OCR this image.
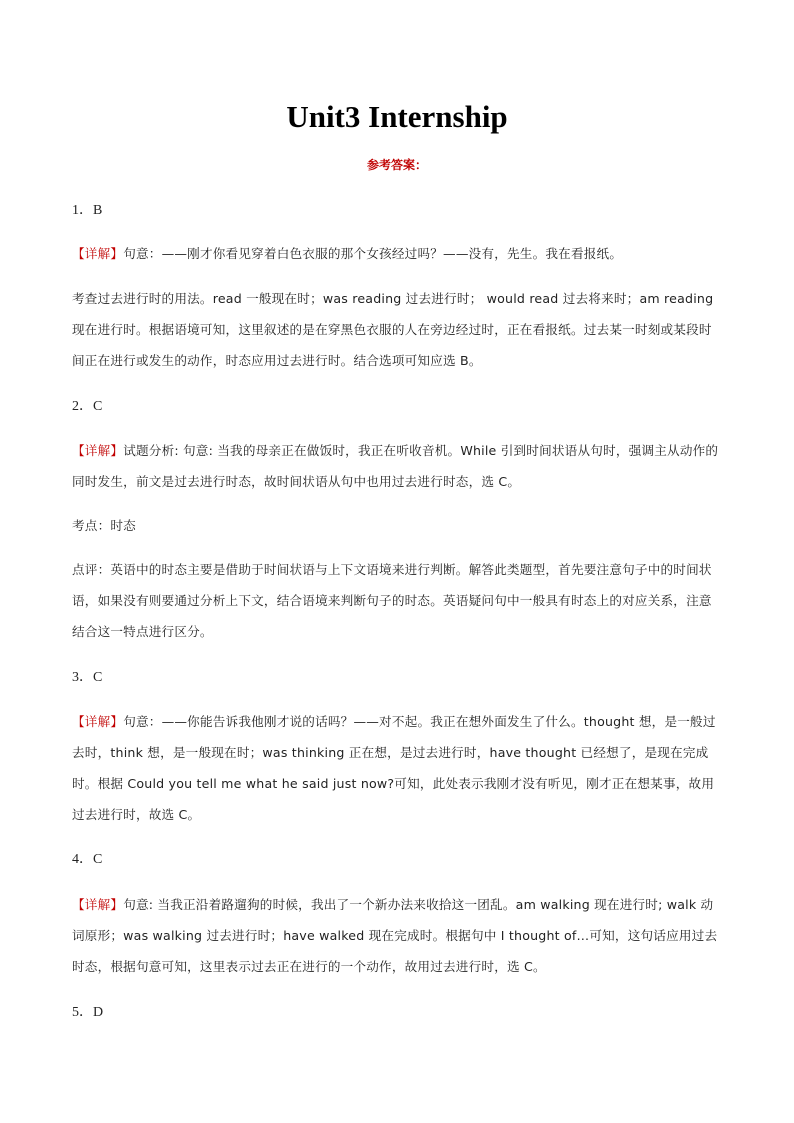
Unit3 Internship
参考答案：
1．B
【详解】句意：——刚才你看见穿着白色衣服的那个女孩经过吗？——没有，先生。我在看报纸。
考查过去进行时的用法。read 一般现在时；was reading 过去进行时； would read 过去将来时；am reading 现在进行时。根据语境可知，这里叙述的是在穿黑色衣服的人在旁边经过时，正在看报纸。过去某一时刻或某段时间正在进行或发生的动作，时态应用过去进行时。结合选项可知应选 B。
2．C
【详解】试题分析: 句意: 当我的母亲正在做饭时，我正在听收音机。While 引到时间状语从句时，强调主从动作的同时发生，前文是过去进行时态，故时间状语从句中也用过去进行时态，选 C。
考点：时态
点评：英语中的时态主要是借助于时间状语与上下文语境来进行判断。解答此类题型，首先要注意句子中的时间状语，如果没有则要通过分析上下文，结合语境来判断句子的时态。英语疑问句中一般具有时态上的对应关系，注意结合这一特点进行区分。
3．C
【详解】句意：——你能告诉我他刚才说的话吗？——对不起。我正在想外面发生了什么。thought 想，是一般过去时，think 想，是一般现在时；was thinking 正在想，是过去进行时，have thought 已经想了，是现在完成时。根据 Could you tell me what he said just now?可知，此处表示我刚才没有听见，刚才正在想某事，故用过去进行时，故选 C。
4．C
【详解】句意: 当我正沿着路遛狗的时候，我出了一个新办法来收拾这一团乱。am walking 现在进行时; walk 动词原形；was walking 过去进行时；have walked 现在完成时。根据句中 I thought of…可知，这句话应用过去时态，根据句意可知，这里表示过去正在进行的一个动作，故用过去进行时，选 C。
5．D
